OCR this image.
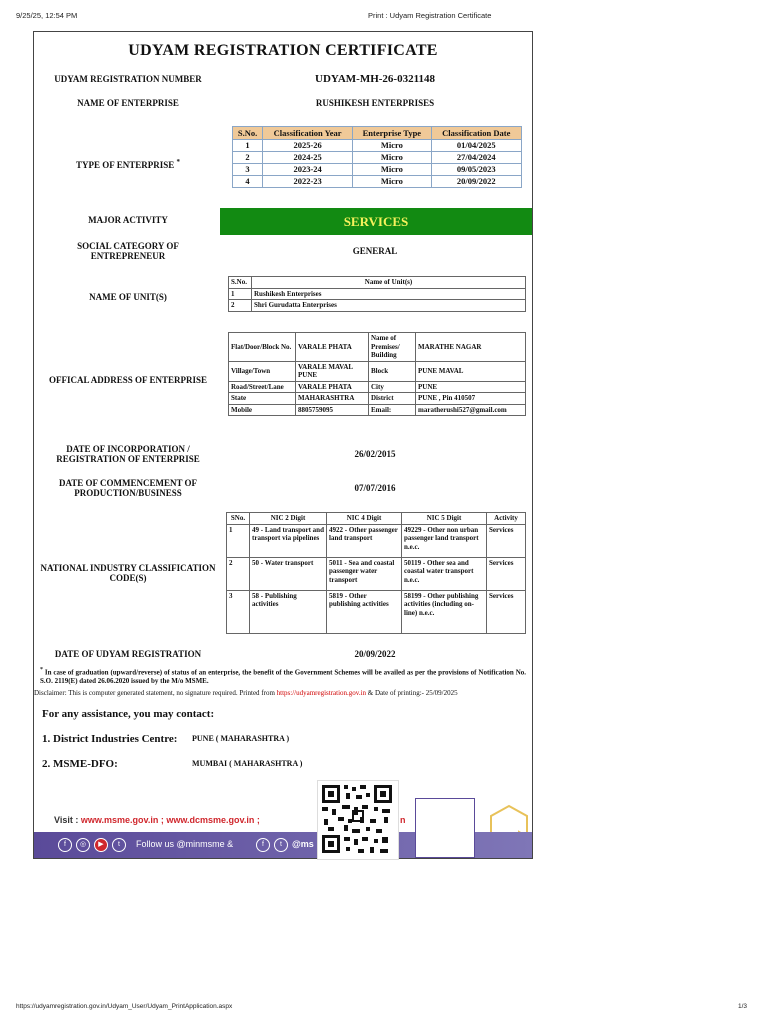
9/25/25, 12:54 PM	Print : Udyam Registration Certificate
UDYAM REGISTRATION CERTIFICATE
UDYAM REGISTRATION NUMBER	UDYAM-MH-26-0321148
NAME OF ENTERPRISE	RUSHIKESH ENTERPRISES
TYPE OF ENTERPRISE *
S.No.	Classification Year	Enterprise Type	Classification Date
1	2025-26	Micro	01/04/2025
2	2024-25	Micro	27/04/2024
3	2023-24	Micro	09/05/2023
4	2022-23	Micro	20/09/2022
MAJOR ACTIVITY	SERVICES
SOCIAL CATEGORY OF ENTREPRENEUR	GENERAL
NAME OF UNIT(S)
S.No.	Name of Unit(s)
1	Rushikesh Enterprises
2	Shri Gurudatta Enterprises
OFFICAL ADDRESS OF ENTERPRISE
Flat/Door/Block No.	VARALE PHATA	Name of Premises/ Building	MARATHE NAGAR
Village/Town	VARALE MAVAL PUNE	Block	PUNE MAVAL
Road/Street/Lane	VARALE PHATA	City	PUNE
State	MAHARASHTRA	District	PUNE , Pin 410507
Mobile	8805759095	Email:	maratherushi527@gmail.com
DATE OF INCORPORATION / REGISTRATION OF ENTERPRISE	26/02/2015
DATE OF COMMENCEMENT OF PRODUCTION/BUSINESS	07/07/2016
NATIONAL INDUSTRY CLASSIFICATION CODE(S)
SNo.	NIC 2 Digit	NIC 4 Digit	NIC 5 Digit	Activity
1	49 - Land transport and transport via pipelines	4922 - Other passenger land transport	49229 - Other non urban passenger land transport n.e.c.	Services
2	50 - Water transport	5011 - Sea and coastal passenger water transport	50119 - Other sea and coastal water transport n.e.c.	Services
3	58 - Publishing activities	5819 - Other publishing activities	58199 - Other publishing activities (including on-line) n.e.c.	Services
DATE OF UDYAM REGISTRATION	20/09/2022
* In case of graduation (upward/reverse) of status of an enterprise, the benefit of the Government Schemes will be availed as per the provisions of Notification No. S.O. 2119(E) dated 26.06.2020 issued by the M/o MSME.
Disclaimer: This is computer generated statement, no signature required. Printed from https://udyamregistration.gov.in & Date of printing:- 25/09/2025
For any assistance, you may contact:
1. District Industries Centre: PUNE ( MAHARASHTRA )
2. MSME-DFO:	MUMBAI ( MAHARASHTRA )
Visit : www.msme.gov.in ; www.dcmsme.gov.in ;	n
f	◎	▶	t	Follow us @minmsme &	f	t	@ms
https://udyamregistration.gov.in/Udyam_User/Udyam_PrintApplication.aspx	1/3
